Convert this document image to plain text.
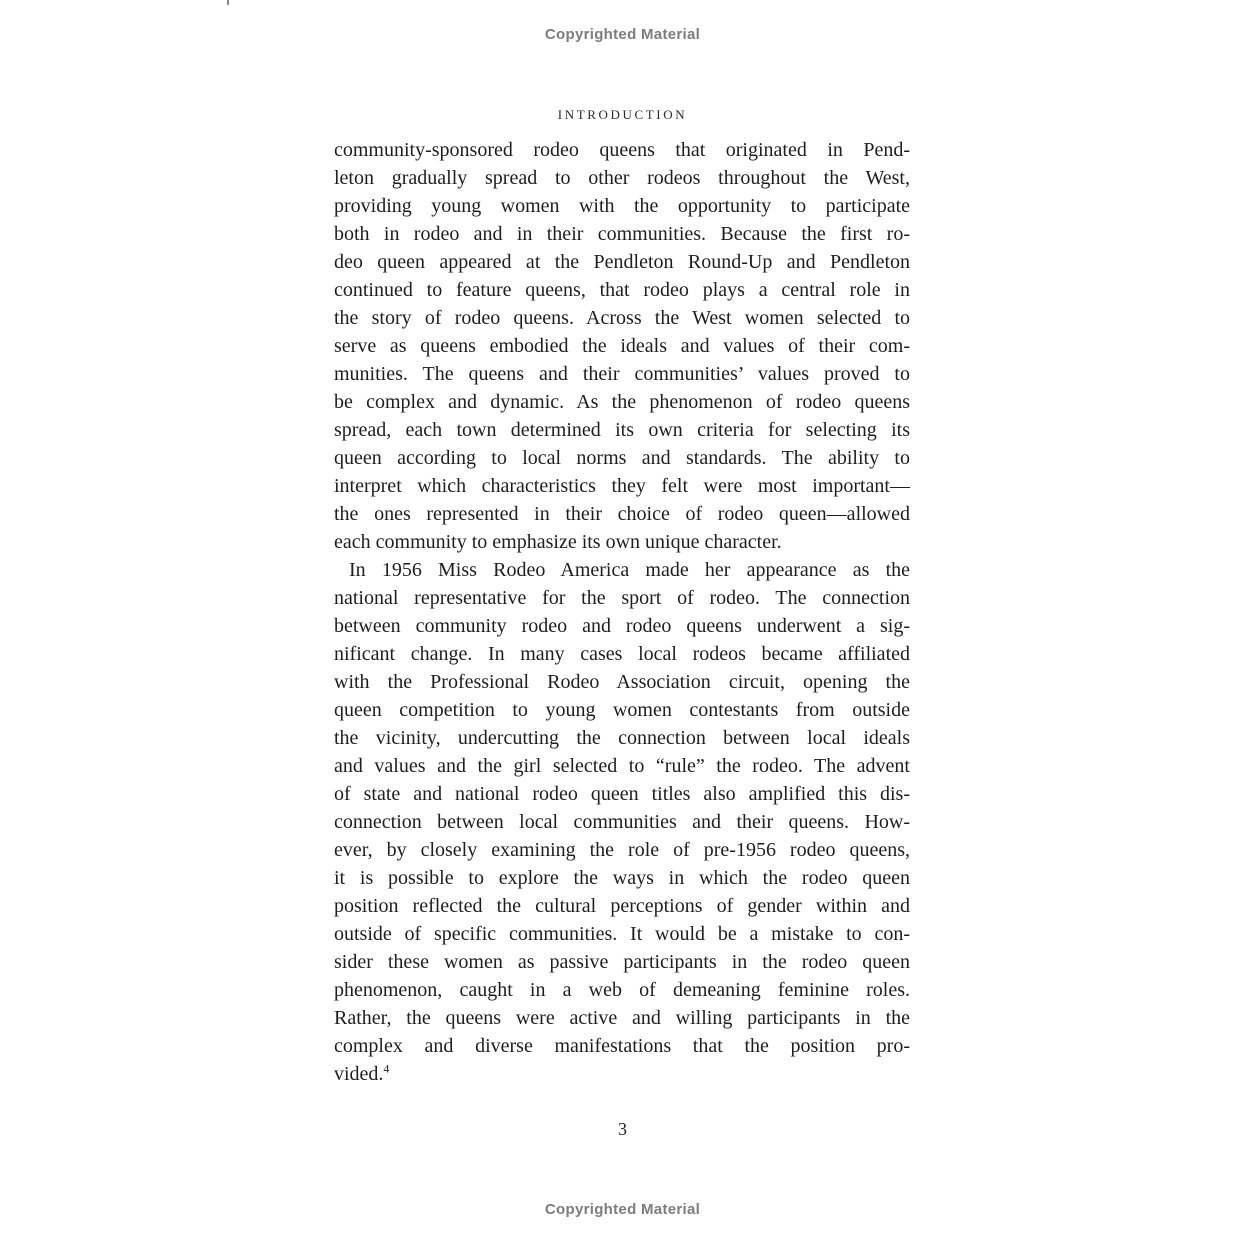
Copyrighted Material
INTRODUCTION
community-sponsored rodeo queens that originated in Pend-
leton gradually spread to other rodeos throughout the West,
providing young women with the opportunity to participate
both in rodeo and in their communities. Because the first ro-
deo queen appeared at the Pendleton Round-Up and Pendleton
continued to feature queens, that rodeo plays a central role in
the story of rodeo queens. Across the West women selected to
serve as queens embodied the ideals and values of their com-
munities. The queens and their communities’ values proved to
be complex and dynamic. As the phenomenon of rodeo queens
spread, each town determined its own criteria for selecting its
queen according to local norms and standards. The ability to
interpret which characteristics they felt were most important—
the ones represented in their choice of rodeo queen—allowed
each community to emphasize its own unique character.
In 1956 Miss Rodeo America made her appearance as the
national representative for the sport of rodeo. The connection
between community rodeo and rodeo queens underwent a sig-
nificant change. In many cases local rodeos became affiliated
with the Professional Rodeo Association circuit, opening the
queen competition to young women contestants from outside
the vicinity, undercutting the connection between local ideals
and values and the girl selected to “rule” the rodeo. The advent
of state and national rodeo queen titles also amplified this dis-
connection between local communities and their queens. How-
ever, by closely examining the role of pre-1956 rodeo queens,
it is possible to explore the ways in which the rodeo queen
position reflected the cultural perceptions of gender within and
outside of specific communities. It would be a mistake to con-
sider these women as passive participants in the rodeo queen
phenomenon, caught in a web of demeaning feminine roles.
Rather, the queens were active and willing participants in the
complex and diverse manifestations that the position pro-
vided.$^4$
3
Copyrighted Material
